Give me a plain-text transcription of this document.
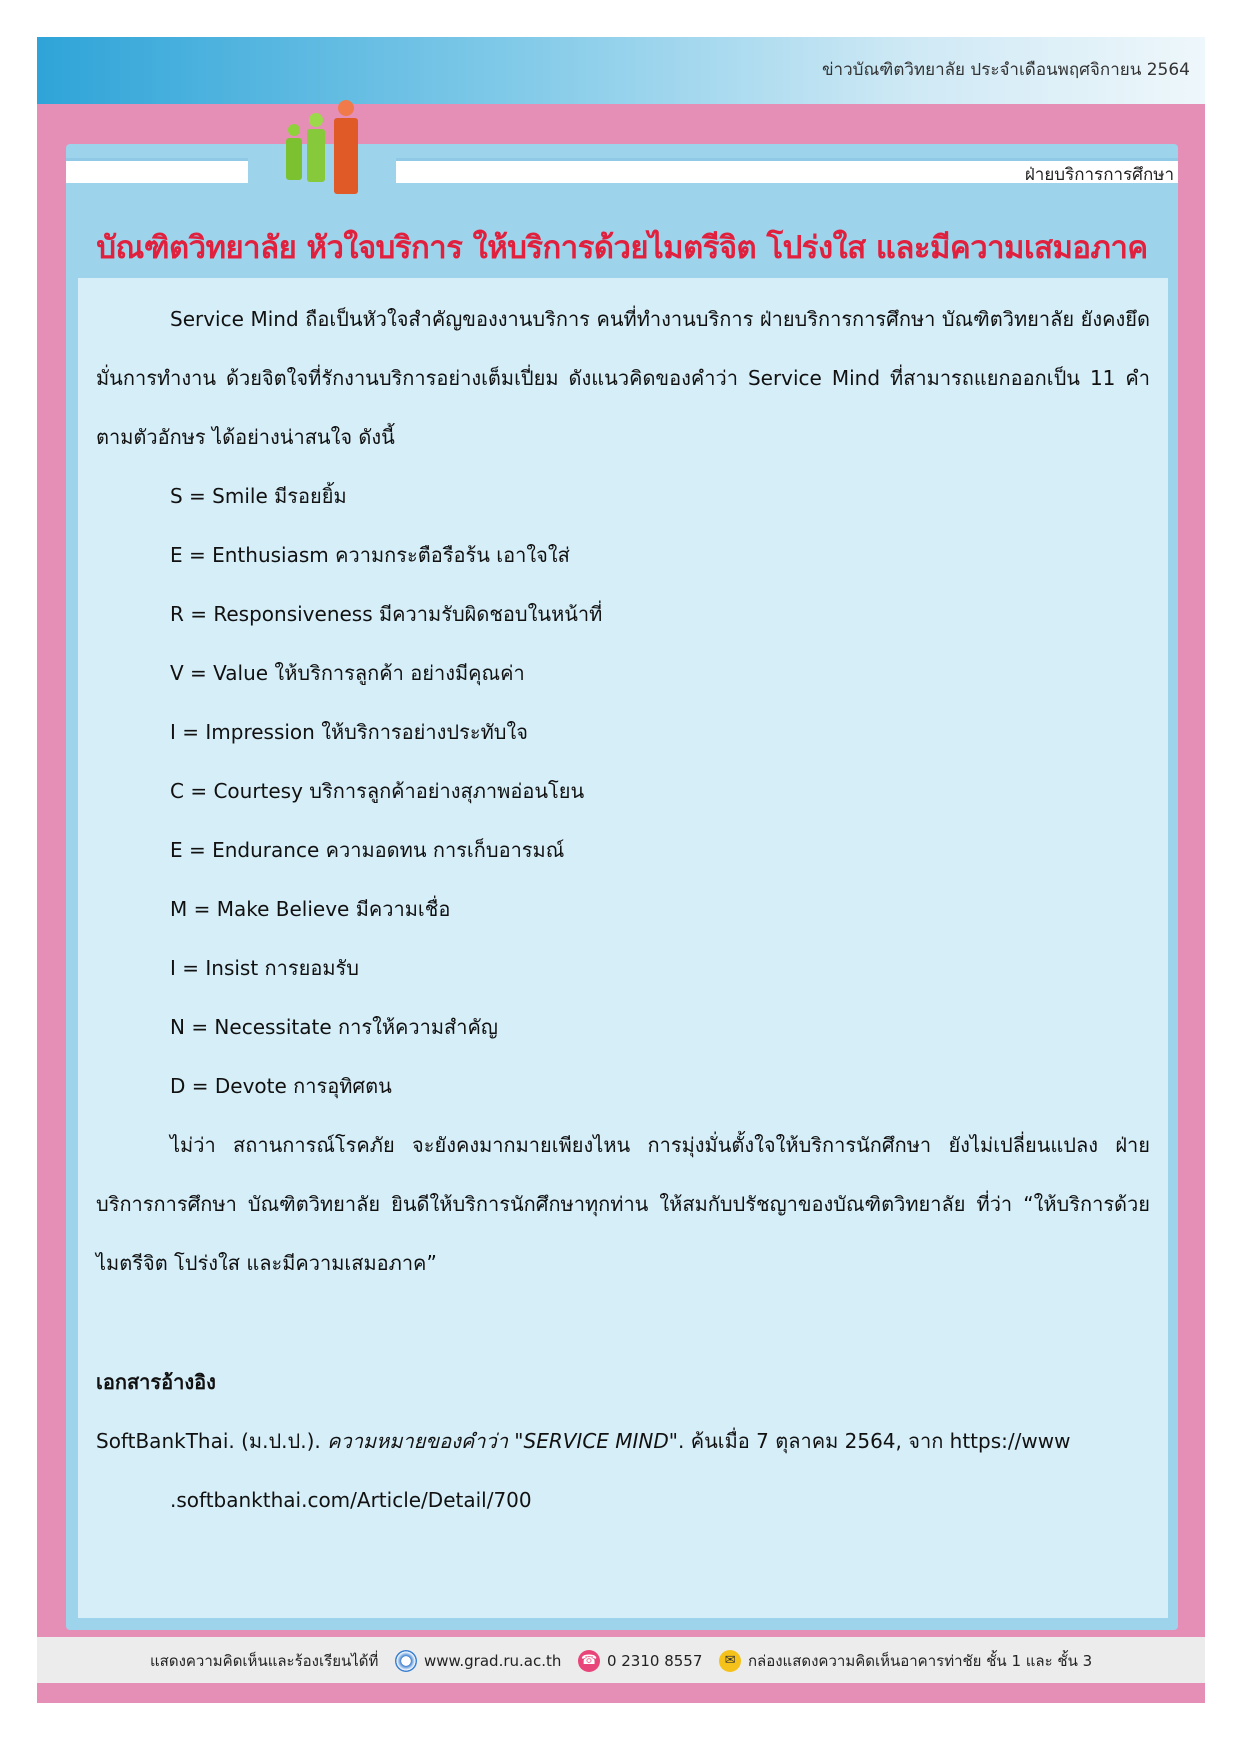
ข่าวบัณฑิตวิทยาลัย ประจำเดือนพฤศจิกายน 2564
ฝ่ายบริการการศึกษา
บัณฑิตวิทยาลัย หัวใจบริการ ให้บริการด้วยไมตรีจิต โปร่งใส และมีความเสมอภาค

Service Mind ถือเป็นหัวใจสำคัญของงานบริการ คนที่ทำงานบริการ ฝ่ายบริการการศึกษา บัณฑิตวิทยาลัย ยังคงยึดมั่นการทำงาน ด้วยจิตใจที่รักงานบริการอย่างเต็มเปี่ยม ดังแนวคิดของคำว่า Service Mind ที่สามารถแยกออกเป็น 11 คำตามตัวอักษร ได้อย่างน่าสนใจ ดังนี้

S = Smile มีรอยยิ้ม

E = Enthusiasm ความกระตือรือร้น เอาใจใส่

R = Responsiveness มีความรับผิดชอบในหน้าที่

V = Value ให้บริการลูกค้า อย่างมีคุณค่า

I = Impression ให้บริการอย่างประทับใจ

C = Courtesy บริการลูกค้าอย่างสุภาพอ่อนโยน

E = Endurance ความอดทน การเก็บอารมณ์

M = Make Believe มีความเชื่อ

I = Insist การยอมรับ

N = Necessitate การให้ความสำคัญ

D = Devote การอุทิศตน

ไม่ว่า สถานการณ์โรคภัย จะยังคงมากมายเพียงไหน การมุ่งมั่นตั้งใจให้บริการนักศึกษา ยังไม่เปลี่ยนแปลง ฝ่ายบริการการศึกษา บัณฑิตวิทยาลัย ยินดีให้บริการนักศึกษาทุกท่าน ให้สมกับปรัชญาของบัณฑิตวิทยาลัย ที่ว่า “ให้บริการด้วยไมตรีจิต โปร่งใส และมีความเสมอภาค”

เอกสารอ้างอิง

SoftBankThai. (ม.ป.ป.). ความหมายของคำว่า "SERVICE MIND". ค้นเมื่อ 7 ตุลาคม 2564, จาก https://www

.softbankthai.com/Article/Detail/700

แสดงความคิดเห็นและร้องเรียนได้ที่	www.grad.ru.ac.th ☎ 0 2310 8557 ✉ กล่องแสดงความคิดเห็นอาคารท่าชัย ชั้น 1 และ ชั้น 3
